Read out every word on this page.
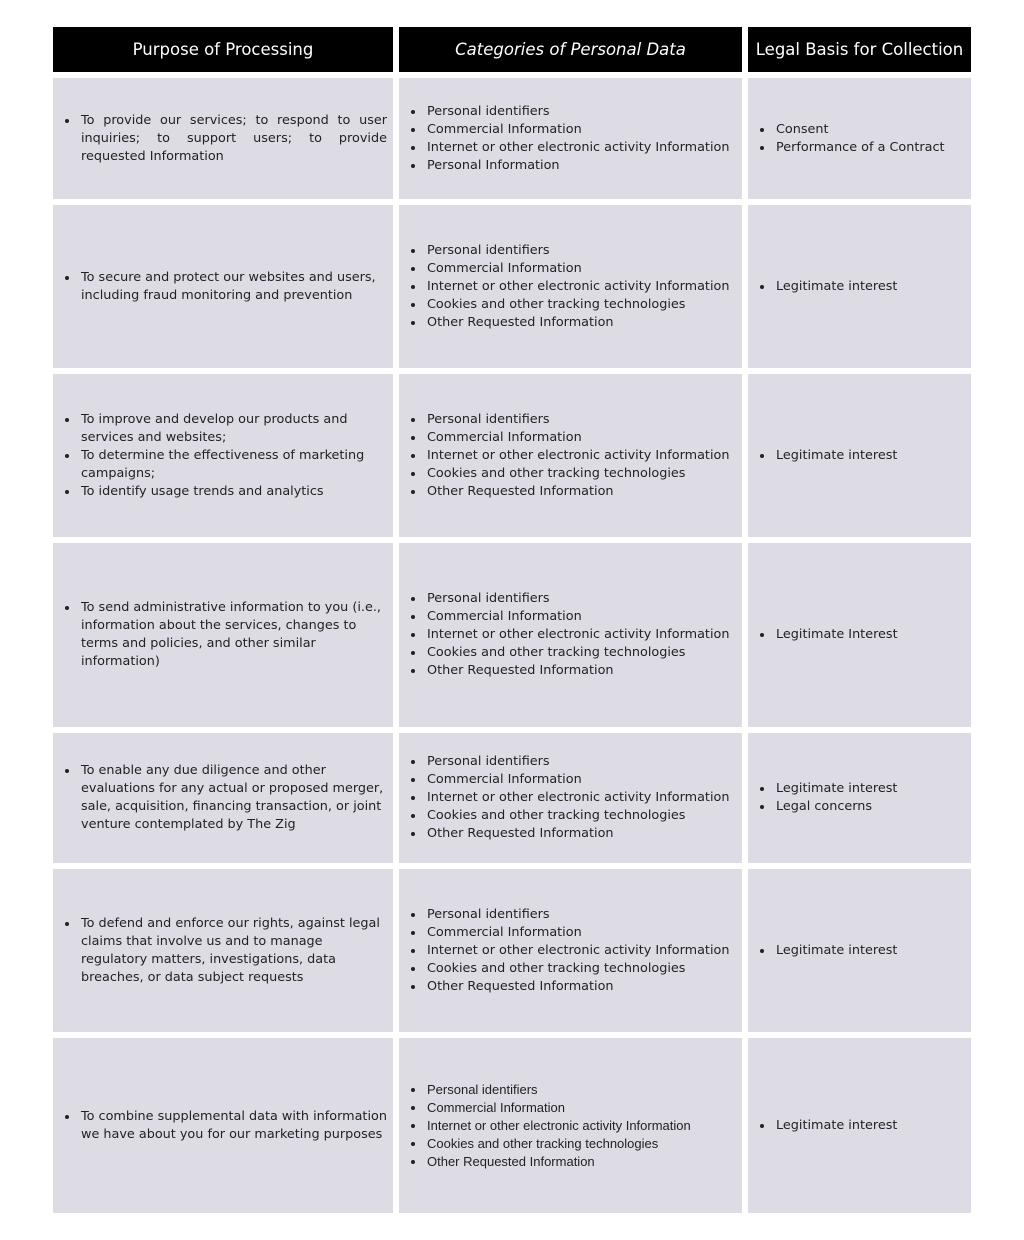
Purpose of Processing	Categories of Personal Data	Legal Basis for Collection
To provide our services; to respond to user inquiries; to support users; to provide requested Information
Personal identifiers
Commercial Information
Internet or other electronic activity Information
Personal Information
Consent
Performance of a Contract
To secure and protect our websites and users, including fraud monitoring and prevention
Personal identifiers
Commercial Information
Internet or other electronic activity Information
Cookies and other tracking technologies
Other Requested Information
Legitimate interest
To improve and develop our products and services and websites;
To determine the effectiveness of marketing campaigns;
To identify usage trends and analytics
Personal identifiers
Commercial Information
Internet or other electronic activity Information
Cookies and other tracking technologies
Other Requested Information
Legitimate interest
To send administrative information to you (i.e., information about the services, changes to terms and policies, and other similar information)
Personal identifiers
Commercial Information
Internet or other electronic activity Information
Cookies and other tracking technologies
Other Requested Information
Legitimate Interest
To enable any due diligence and other evaluations for any actual or proposed merger, sale, acquisition, financing transaction, or joint venture contemplated by The Zig
Personal identifiers
Commercial Information
Internet or other electronic activity Information
Cookies and other tracking technologies
Other Requested Information
Legitimate interest
Legal concerns
To defend and enforce our rights, against legal claims that involve us and to manage regulatory matters, investigations, data breaches, or data subject requests
Personal identifiers
Commercial Information
Internet or other electronic activity Information
Cookies and other tracking technologies
Other Requested Information
Legitimate interest
To combine supplemental data with information we have about you for our marketing purposes
Personal identifiers
Commercial Information
Internet or other electronic activity Information
Cookies and other tracking technologies
Other Requested Information
Legitimate interest
